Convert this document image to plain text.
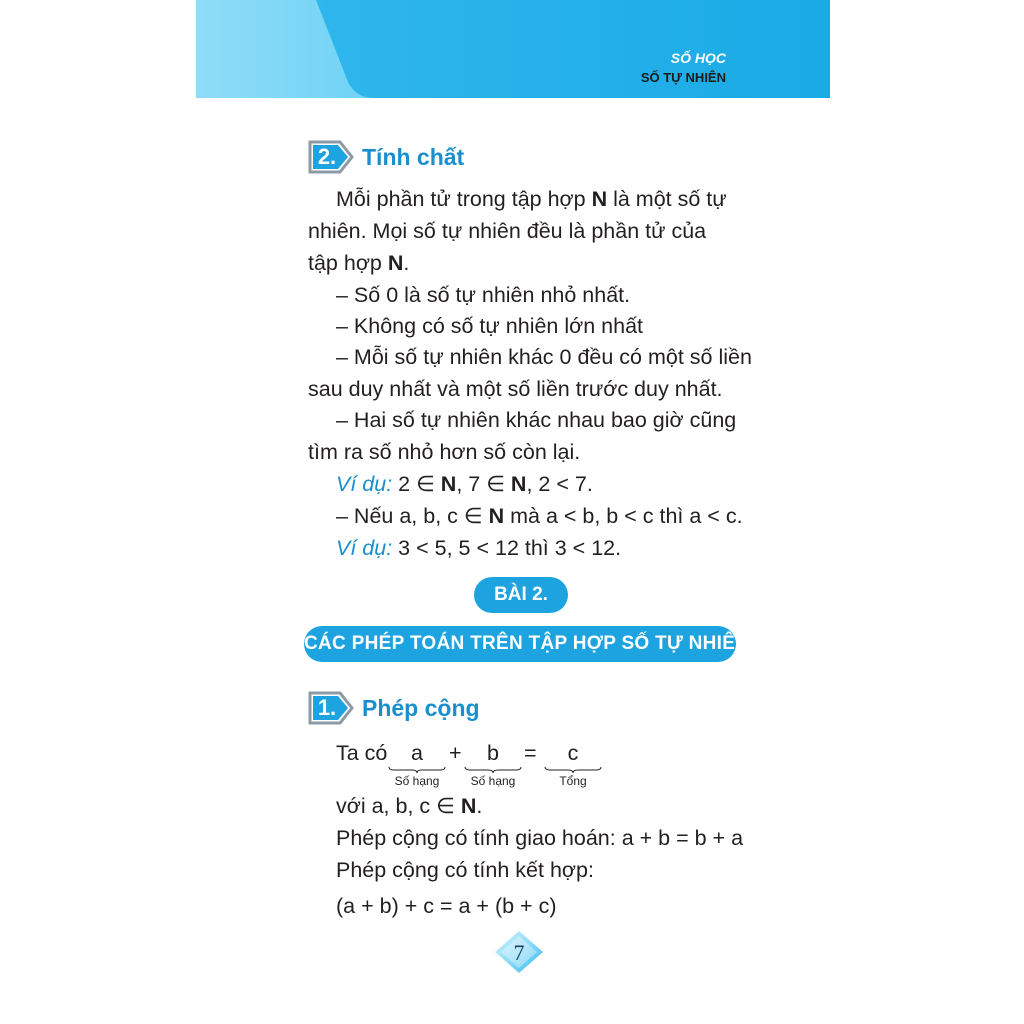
SỐ HỌC
SỐ TỰ NHIÊN
2. Tính chất
Mỗi phần tử trong tập hợp N là một số tự
nhiên. Mọi số tự nhiên đều là phần tử của
tập hợp N.
– Số 0 là số tự nhiên nhỏ nhất.
– Không có số tự nhiên lớn nhất
– Mỗi số tự nhiên khác 0 đều có một số liền
sau duy nhất và một số liền trước duy nhất.
– Hai số tự nhiên khác nhau bao giờ cũng
tìm ra số nhỏ hơn số còn lại.
Ví dụ: 2 ∈ N, 7 ∈ N, 2 < 7.
– Nếu a, b, c ∈ N mà a < b, b < c thì a < c.
Ví dụ: 3 < 5, 5 < 12 thì 3 < 12.
BÀI 2.
CÁC PHÉP TOÁN TRÊN TẬP HỢP SỐ TỰ NHIÊN
1. Phép cộng
Ta có	a
Số hạng
+	b
Số hạng
=	c
Tổng
với a, b, c ∈ N.
Phép cộng có tính giao hoán: a + b = b + a
Phép cộng có tính kết hợp:
(a + b) + c = a + (b + c)
7
